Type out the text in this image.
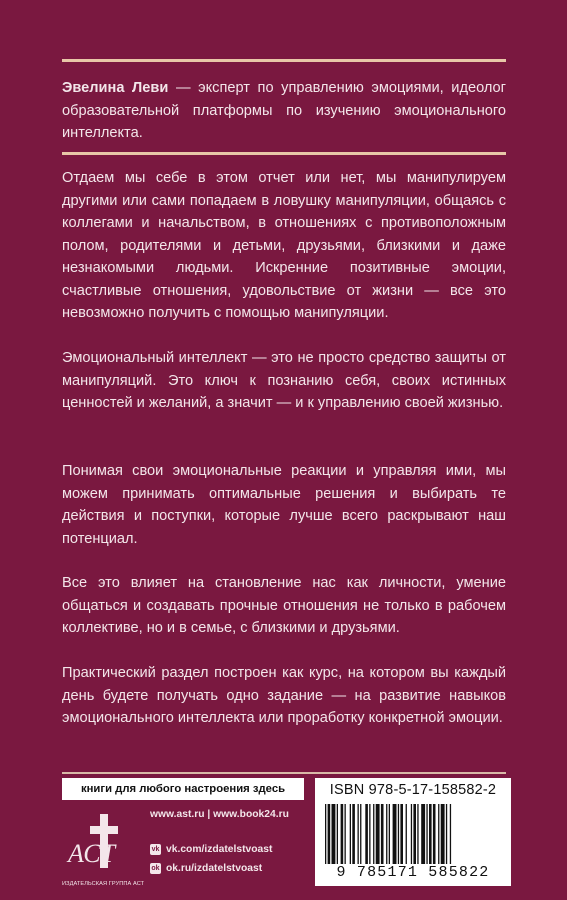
Эвелина Леви — эксперт по управлению эмоциями, идеолог образовательной платформы по изучению эмоционального интеллекта.

Отдаем мы себе в этом отчет или нет, мы манипулируем другими или сами попадаем в ловушку манипуляции, общаясь с коллегами и начальством, в отношениях с противоположным полом, родителями и детьми, друзьями, близкими и даже незнакомыми людьми. Искренние позитивные эмоции, счастливые отношения, удовольствие от жизни — все это невозможно получить с помощью манипуляции.

Эмоциональный интеллект — это не просто средство защиты от манипуляций. Это ключ к познанию себя, своих истинных ценностей и желаний, а значит — и к управлению своей жизнью.

Понимая свои эмоциональные реакции и управляя ими, мы можем принимать оптимальные решения и выбирать те действия и поступки, которые лучше всего раскрывают наш потенциал.

Все это влияет на становление нас как личности, умение общаться и создавать прочные отношения не только в рабочем коллективе, но и в семье, с близкими и друзьями.

Практический раздел построен как курс, на котором вы каждый день будете получать одно задание — на развитие навыков эмоционального интеллекта или проработку конкретной эмоции.

книги для любого настроения здесь
АСТ
ИЗДАТЕЛЬСКАЯ ГРУППА АСТ
www.ast.ru | www.book24.ru
vk vk.com/izdatelstvoast
ok ok.ru/izdatelstvoast
ISBN 978-5-17-158582-2
9 785171 585822
